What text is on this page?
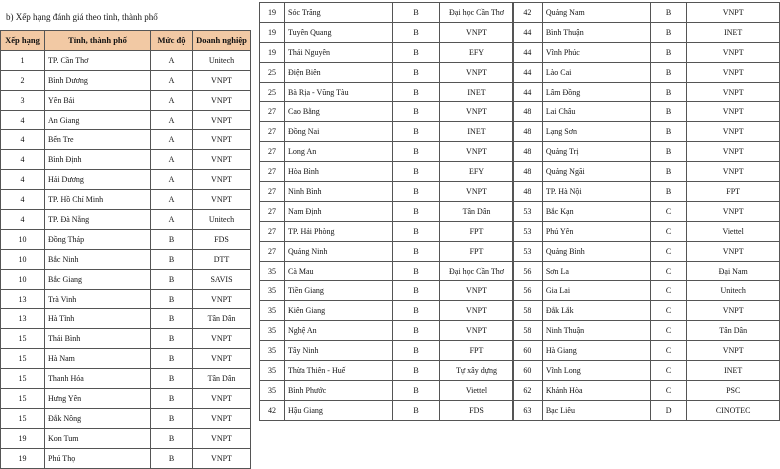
b) Xếp hạng đánh giá theo tỉnh, thành phố
Xếp hạng	Tỉnh, thành phố	Mức độ	Doanh nghiệp
1	TP. Cần Thơ	A	Unitech
2	Bình Dương	A	VNPT
3	Yên Bái	A	VNPT
4	An Giang	A	VNPT
4	Bến Tre	A	VNPT
4	Bình Định	A	VNPT
4	Hải Dương	A	VNPT
4	TP. Hồ Chí Minh	A	VNPT
4	TP. Đà Nẵng	A	Unitech
10	Đồng Tháp	B	FDS
10	Bắc Ninh	B	DTT
10	Bắc Giang	B	SAVIS
13	Trà Vinh	B	VNPT
13	Hà Tĩnh	B	Tân Dân
15	Thái Bình	B	VNPT
15	Hà Nam	B	VNPT
15	Thanh Hóa	B	Tân Dân
15	Hưng Yên	B	VNPT
15	Đắk Nông	B	VNPT
19	Kon Tum	B	VNPT
19	Phú Thọ	B	VNPT
19	Sóc Trăng	B	Đại học Cần Thơ
19	Tuyên Quang	B	VNPT
19	Thái Nguyên	B	EFY
25	Điện Biên	B	VNPT
25	Bà Rịa - Vũng Tàu	B	INET
27	Cao Bằng	B	VNPT
27	Đồng Nai	B	INET
27	Long An	B	VNPT
27	Hòa Bình	B	EFY
27	Ninh Bình	B	VNPT
27	Nam Định	B	Tân Dân
27	TP. Hải Phòng	B	FPT
27	Quảng Ninh	B	FPT
35	Cà Mau	B	Đại học Cần Thơ
35	Tiền Giang	B	VNPT
35	Kiên Giang	B	VNPT
35	Nghệ An	B	VNPT
35	Tây Ninh	B	FPT
35	Thừa Thiên - Huế	B	Tự xây dựng
35	Bình Phước	B	Viettel
42	Hậu Giang	B	FDS
42	Quảng Nam	B	VNPT
44	Bình Thuận	B	INET
44	Vĩnh Phúc	B	VNPT
44	Lào Cai	B	VNPT
44	Lâm Đồng	B	VNPT
48	Lai Châu	B	VNPT
48	Lạng Sơn	B	VNPT
48	Quảng Trị	B	VNPT
48	Quảng Ngãi	B	VNPT
48	TP. Hà Nội	B	FPT
53	Bắc Kạn	C	VNPT
53	Phú Yên	C	Viettel
53	Quảng Bình	C	VNPT
56	Sơn La	C	Đại Nam
56	Gia Lai	C	Unitech
58	Đắk Lắk	C	VNPT
58	Ninh Thuận	C	Tân Dân
60	Hà Giang	C	VNPT
60	Vĩnh Long	C	INET
62	Khánh Hòa	C	PSC
63	Bạc Liêu	D	CINOTEC
